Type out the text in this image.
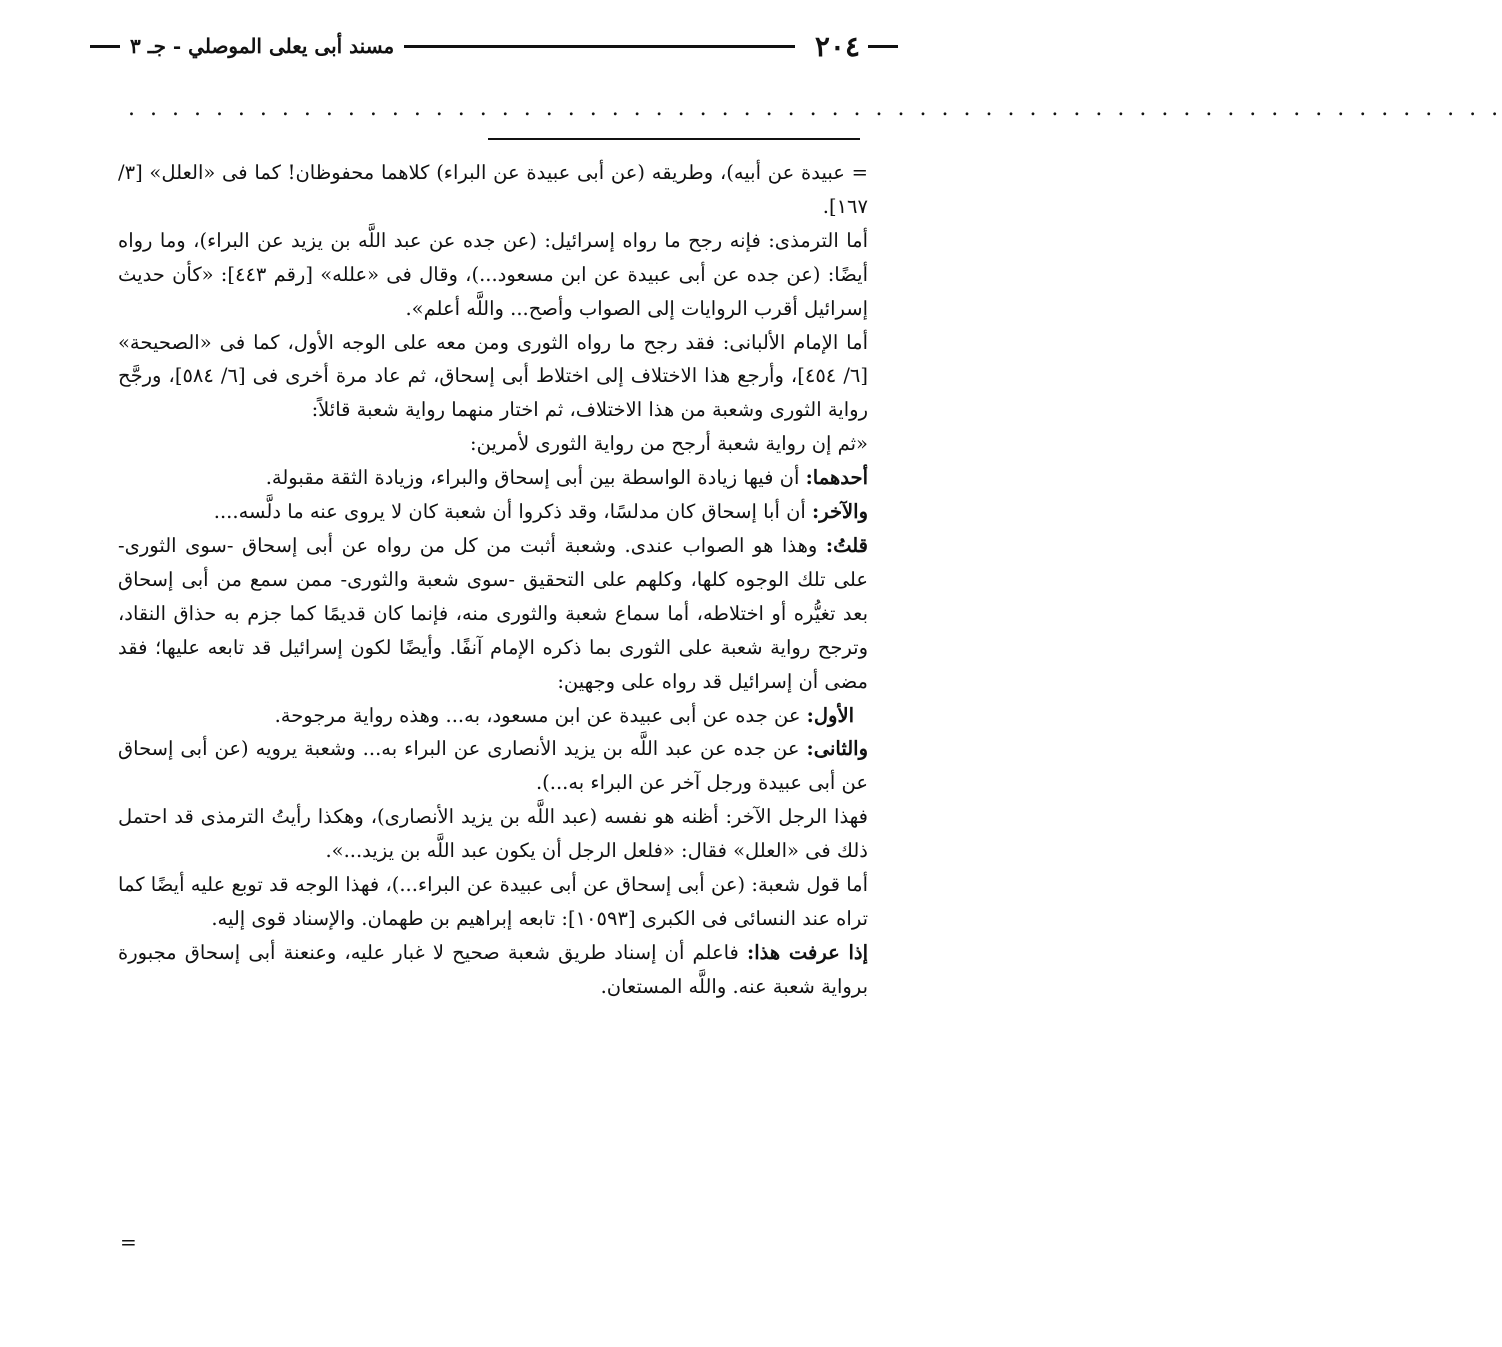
٢٠٤
مسند أبى يعلى الموصلي - جـ ٣
. . . . . . . . . . . . . . . . . . . . . . . . . . . . . . . . . . . . . . . . . . . . . . . . . . . . . . . . . . . . . . .

= عبيدة عن أبيه)، وطريقه (عن أبى عبيدة عن البراء) كلاهما محفوظان! كما فى «العلل» [٣/ ١٦٧].

أما الترمذى: فإنه رجح ما رواه إسرائيل: (عن جده عن عبد اللَّه بن يزيد عن البراء)، وما رواه أيضًا: (عن جده عن أبى عبيدة عن ابن مسعود...)، وقال فى «علله» [رقم ٤٤٣]: «كأن حديث إسرائيل أقرب الروايات إلى الصواب وأصح... واللَّه أعلم».

أما الإمام الألبانى: فقد رجح ما رواه الثورى ومن معه على الوجه الأول، كما فى «الصحيحة» [٦/ ٤٥٤]، وأرجع هذا الاختلاف إلى اختلاط أبى إسحاق، ثم عاد مرة أخرى فى [٦/ ٥٨٤]، ورجَّح رواية الثورى وشعبة من هذا الاختلاف، ثم اختار منهما رواية شعبة قائلاً:

«ثم إن رواية شعبة أرجح من رواية الثورى لأمرين:

أحدهما: أن فيها زيادة الواسطة بين أبى إسحاق والبراء، وزيادة الثقة مقبولة.

والآخر: أن أبا إسحاق كان مدلسًا، وقد ذكروا أن شعبة كان لا يروى عنه ما دلَّسه....

قلتُ: وهذا هو الصواب عندى. وشعبة أثبت من كل من رواه عن أبى إسحاق -سوى الثورى- على تلك الوجوه كلها، وكلهم على التحقيق -سوى شعبة والثورى- ممن سمع من أبى إسحاق بعد تغيُّره أو اختلاطه، أما سماع شعبة والثورى منه، فإنما كان قديمًا كما جزم به حذاق النقاد، وترجح رواية شعبة على الثورى بما ذكره الإمام آنفًا. وأيضًا لكون إسرائيل قد تابعه عليها؛ فقد مضى أن إسرائيل قد رواه على وجهين:

الأول: عن جده عن أبى عبيدة عن ابن مسعود، به... وهذه رواية مرجوحة.

والثانى: عن جده عن عبد اللَّه بن يزيد الأنصارى عن البراء به... وشعبة يرويه (عن أبى إسحاق عن أبى عبيدة ورجل آخر عن البراء به...).

فهذا الرجل الآخر: أظنه هو نفسه (عبد اللَّه بن يزيد الأنصارى)، وهكذا رأيتُ الترمذى قد احتمل ذلك فى «العلل» فقال: «فلعل الرجل أن يكون عبد اللَّه بن يزيد...».

أما قول شعبة: (عن أبى إسحاق عن أبى عبيدة عن البراء...)، فهذا الوجه قد توبع عليه أيضًا كما تراه عند النسائى فى الكبرى [١٠٥٩٣]: تابعه إبراهيم بن طهمان. والإسناد قوى إليه.

إذا عرفت هذا: فاعلم أن إسناد طريق شعبة صحيح لا غبار عليه، وعنعنة أبى إسحاق مجبورة برواية شعبة عنه. واللَّه المستعان.

=
